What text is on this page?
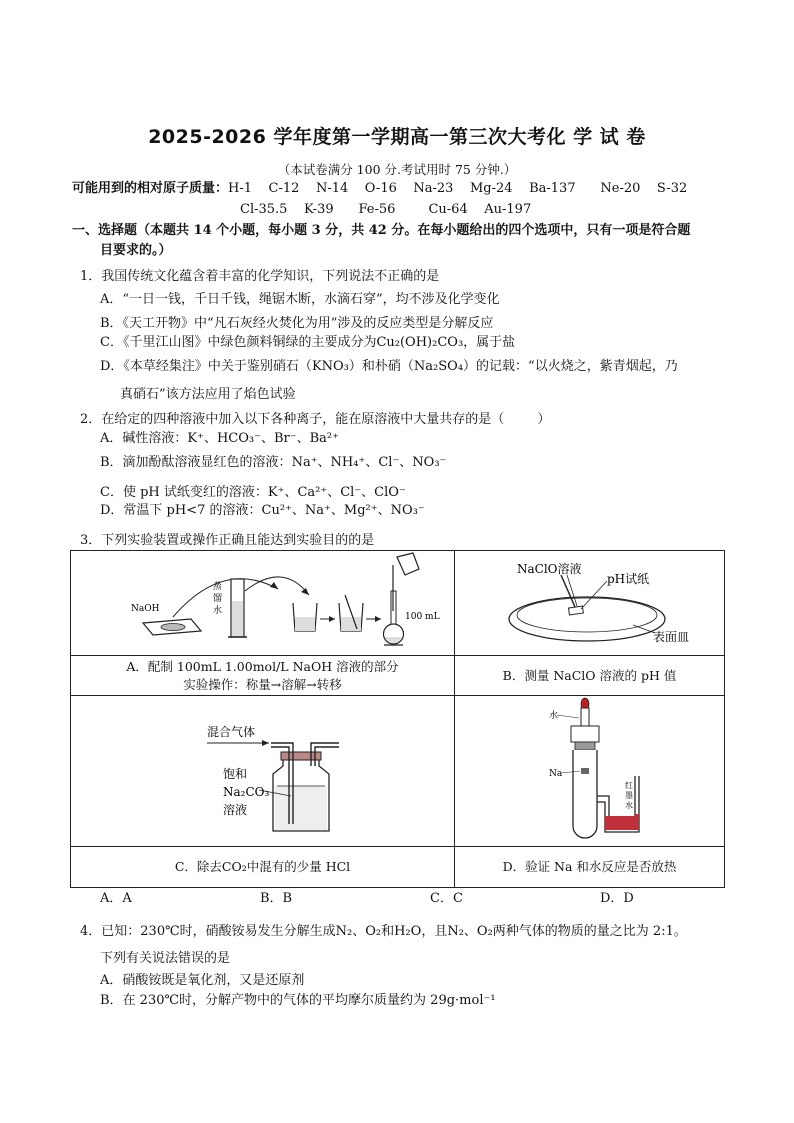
2025-2026 学年度第一学期高一第三次大考化 学 试 卷
（本试卷满分 100 分.考试用时 75 分钟.）
可能用到的相对原子质量：H-1    C-12    N-14    O-16    Na-23    Mg-24    Ba-137      Ne-20    S-32
Cl-35.5    K-39      Fe-56        Cu-64    Au-197
一、选择题（本题共 14 个小题，每小题 3 分，共 42 分。在每小题给出的四个选项中，只有一项是符合题
目要求的。）
1．我国传统文化蕴含着丰富的化学知识，下列说法不正确的是
A．“一日一钱，千日千钱，绳锯木断，水滴石穿”，均不涉及化学变化
B．《天工开物》中“凡石灰经火焚化为用”涉及的反应类型是分解反应
C．《千里江山图》中绿色颜料铜绿的主要成分为Cu₂(OH)₂CO₃，属于盐
D．《本草经集注》中关于鉴别硝石（KNO₃）和朴硝（Na₂SO₄）的记载：“以火烧之，紫青烟起，乃
真硝石”该方法应用了焰色试验
2．在给定的四种溶液中加入以下各种离子，能在原溶液中大量共存的是（        ）
A．碱性溶液：K⁺、HCO₃⁻、Br⁻、Ba²⁺
B．滴加酚酞溶液显红色的溶液：Na⁺、NH₄⁺、Cl⁻、NO₃⁻
C．使 pH 试纸变红的溶液：K⁺、Ca²⁺、Cl⁻、ClO⁻
D．常温下 pH<7 的溶液：Cu²⁺、Na⁺、Mg²⁺、NO₃⁻
3．下列实验装置或操作正确且能达到实验目的的是
NaOH
蒸
馏
水
100 mL	NaClO溶液
pH试纸
表面皿

A．配制 100mL 1.00mol/L NaOH 溶液的部分
实验操作：称量→溶解→转移	B．测量 NaClO 溶液的 pH 值

混合气体
饱和
Na₂CO₃
溶液	水
Na
红
墨
水

C．除去CO₂中混有的少量 HCl	D．验证 Na 和水反应是否放热
A．A	B．B	C．C	D．D
4．已知：230℃时，硝酸铵易发生分解生成N₂、O₂和H₂O，且N₂、O₂两种气体的物质的量之比为 2:1。
下列有关说法错误的是
A．硝酸铵既是氧化剂，又是还原剂
B．在 230℃时，分解产物中的气体的平均摩尔质量约为 29g·mol⁻¹
